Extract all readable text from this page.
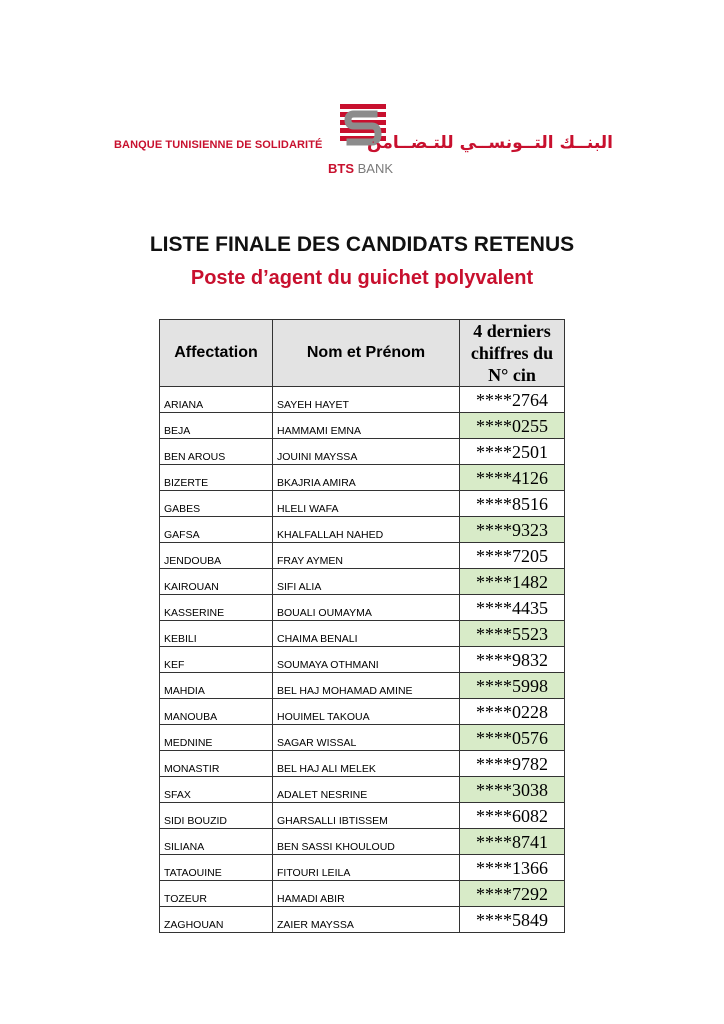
BANQUE TUNISIENNE DE SOLIDARITÉ
BTS BANK
البنــك التــونســي للتـضــامن
LISTE FINALE DES CANDIDATS RETENUS
Poste d’agent du guichet polyvalent
Affectation	Nom et Prénom	4 derniers chiffres du N° cin
ARIANA	SAYEH HAYET	****2764
BEJA	HAMMAMI EMNA	****0255
BEN AROUS	JOUINI MAYSSA	****2501
BIZERTE	BKAJRIA AMIRA	****4126
GABES	HLELI WAFA	****8516
GAFSA	KHALFALLAH NAHED	****9323
JENDOUBA	FRAY AYMEN	****7205
KAIROUAN	SIFI ALIA	****1482
KASSERINE	BOUALI OUMAYMA	****4435
KEBILI	CHAIMA BENALI	****5523
KEF	SOUMAYA OTHMANI	****9832
MAHDIA	BEL HAJ MOHAMAD AMINE	****5998
MANOUBA	HOUIMEL TAKOUA	****0228
MEDNINE	SAGAR WISSAL	****0576
MONASTIR	BEL HAJ ALI MELEK	****9782
SFAX	ADALET NESRINE	****3038
SIDI BOUZID	GHARSALLI IBTISSEM	****6082
SILIANA	BEN SASSI KHOULOUD	****8741
TATAOUINE	FITOURI LEILA	****1366
TOZEUR	HAMADI ABIR	****7292
ZAGHOUAN	ZAIER MAYSSA	****5849
